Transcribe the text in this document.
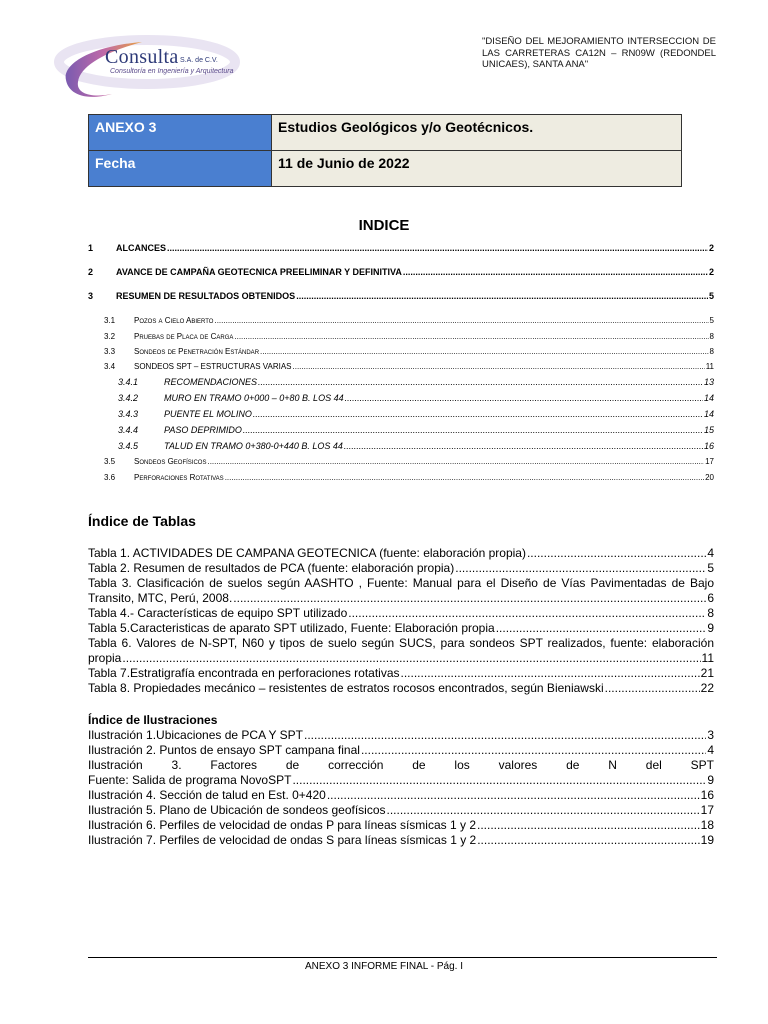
Consulta S.A. de C.V.
Consultoría en Ingeniería y Arquitectura
"DISEÑO DEL MEJORAMIENTO INTERSECCION DE LAS CARRETERAS CA12N – RN09W (REDONDEL UNICAES), SANTA ANA"
ANEXO 3	Estudios Geológicos y/o Geotécnicos.
Fecha	11 de Junio de 2022
INDICE
1	ALCANCES .....	2
2	AVANCE DE CAMPAÑA GEOTECNICA PREELIMINAR Y DEFINITIVA .....	2
3	RESUMEN DE RESULTADOS OBTENIDOS .....	5
3.1	Pozos a Cielo Abierto .....	5
3.2	Pruebas de Placa de Carga .....	8
3.3	Sondeos de Penetración Estándar .....	8
3.4	SONDEOS SPT – ESTRUCTURAS VARIAS .....	11
3.4.1	RECOMENDACIONES .....	13
3.4.2	MURO EN TRAMO 0+000 – 0+80 B. LOS 44 .....	14
3.4.3	PUENTE EL MOLINO .....	14
3.4.4	PASO DEPRIMIDO .....	15
3.4.5	TALUD EN TRAMO 0+380-0+440 B. LOS 44 .....	16
3.5	Sondeos Geofísicos .....	17
3.6	Perforaciones Rotativas .....	20
Índice de Tablas
Tabla 1. ACTIVIDADES DE CAMPANA GEOTECNICA (fuente: elaboración propia) .....	4
Tabla 2. Resumen de resultados de PCA (fuente: elaboración propia) .....	5
Tabla 3. Clasificación de suelos según AASHTO , Fuente: Manual para el Diseño de Vías Pavimentadas de Bajo
Transito, MTC, Perú, 2008. .....	6
Tabla 4.- Características de equipo SPT utilizado .....	8
Tabla 5.Caracteristicas de aparato SPT utilizado, Fuente: Elaboración propia .....	9
Tabla 6. Valores de N-SPT, N60 y tipos de suelo según SUCS, para sondeos SPT realizados, fuente: elaboración
propia .....	11
Tabla 7.Estratigrafía encontrada en perforaciones rotativas .....	21
Tabla 8. Propiedades mecánico – resistentes de estratos rocosos encontrados, según Bieniawski .....	22
Índice de Ilustraciones
Ilustración 1.Ubicaciones de PCA Y SPT .....	3
Ilustración 2. Puntos de ensayo SPT campana final .....	4
Ilustración 3. Factores de corrección de los valores de N del SPT
Fuente: Salida de programa NovoSPT .....	9
Ilustración 4. Sección de talud en Est. 0+420 .....	16
Ilustración 5. Plano de Ubicación de sondeos geofísicos .....	17
Ilustración 6. Perfiles de velocidad de ondas P para líneas sísmicas 1 y 2 .....	18
Ilustración 7. Perfiles de velocidad de ondas S para líneas sísmicas 1 y 2 .....	19
ANEXO 3 INFORME FINAL - Pág. I
